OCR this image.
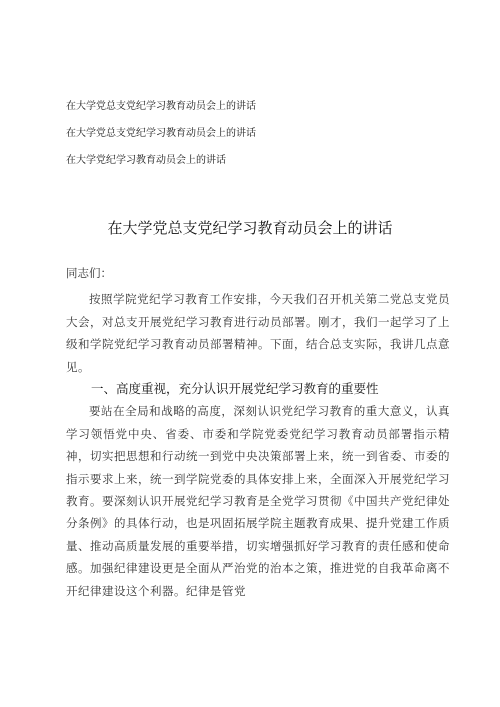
在大学党总支党纪学习教育动员会上的讲话
在大学党总支党纪学习教育动员会上的讲话
在大学党纪学习教育动员会上的讲话
在大学党总支党纪学习教育动员会上的讲话

同志们：

按照学院党纪学习教育工作安排，今天我们召开机关第二党总支党员大会，对总支开展党纪学习教育进行动员部署。刚才，我们一起学习了上级和学院党纪学习教育动员部署精神。下面，结合总支实际，我讲几点意见。

一、高度重视，充分认识开展党纪学习教育的重要性

要站在全局和战略的高度，深刻认识党纪学习教育的重大意义，认真学习领悟党中央、省委、市委和学院党委党纪学习教育动员部署指示精神，切实把思想和行动统一到党中央决策部署上来，统一到省委、市委的指示要求上来，统一到学院党委的具体安排上来，全面深入开展党纪学习教育。要深刻认识开展党纪学习教育是全党学习贯彻《中国共产党纪律处分条例》的具体行动，也是巩固拓展学院主题教育成果、提升党建工作质量、推动高质量发展的重要举措，切实增强抓好学习教育的责任感和使命感。加强纪律建设更是全面从严治党的治本之策，推进党的自我革命离不开纪律建设这个利器。纪律是管党
